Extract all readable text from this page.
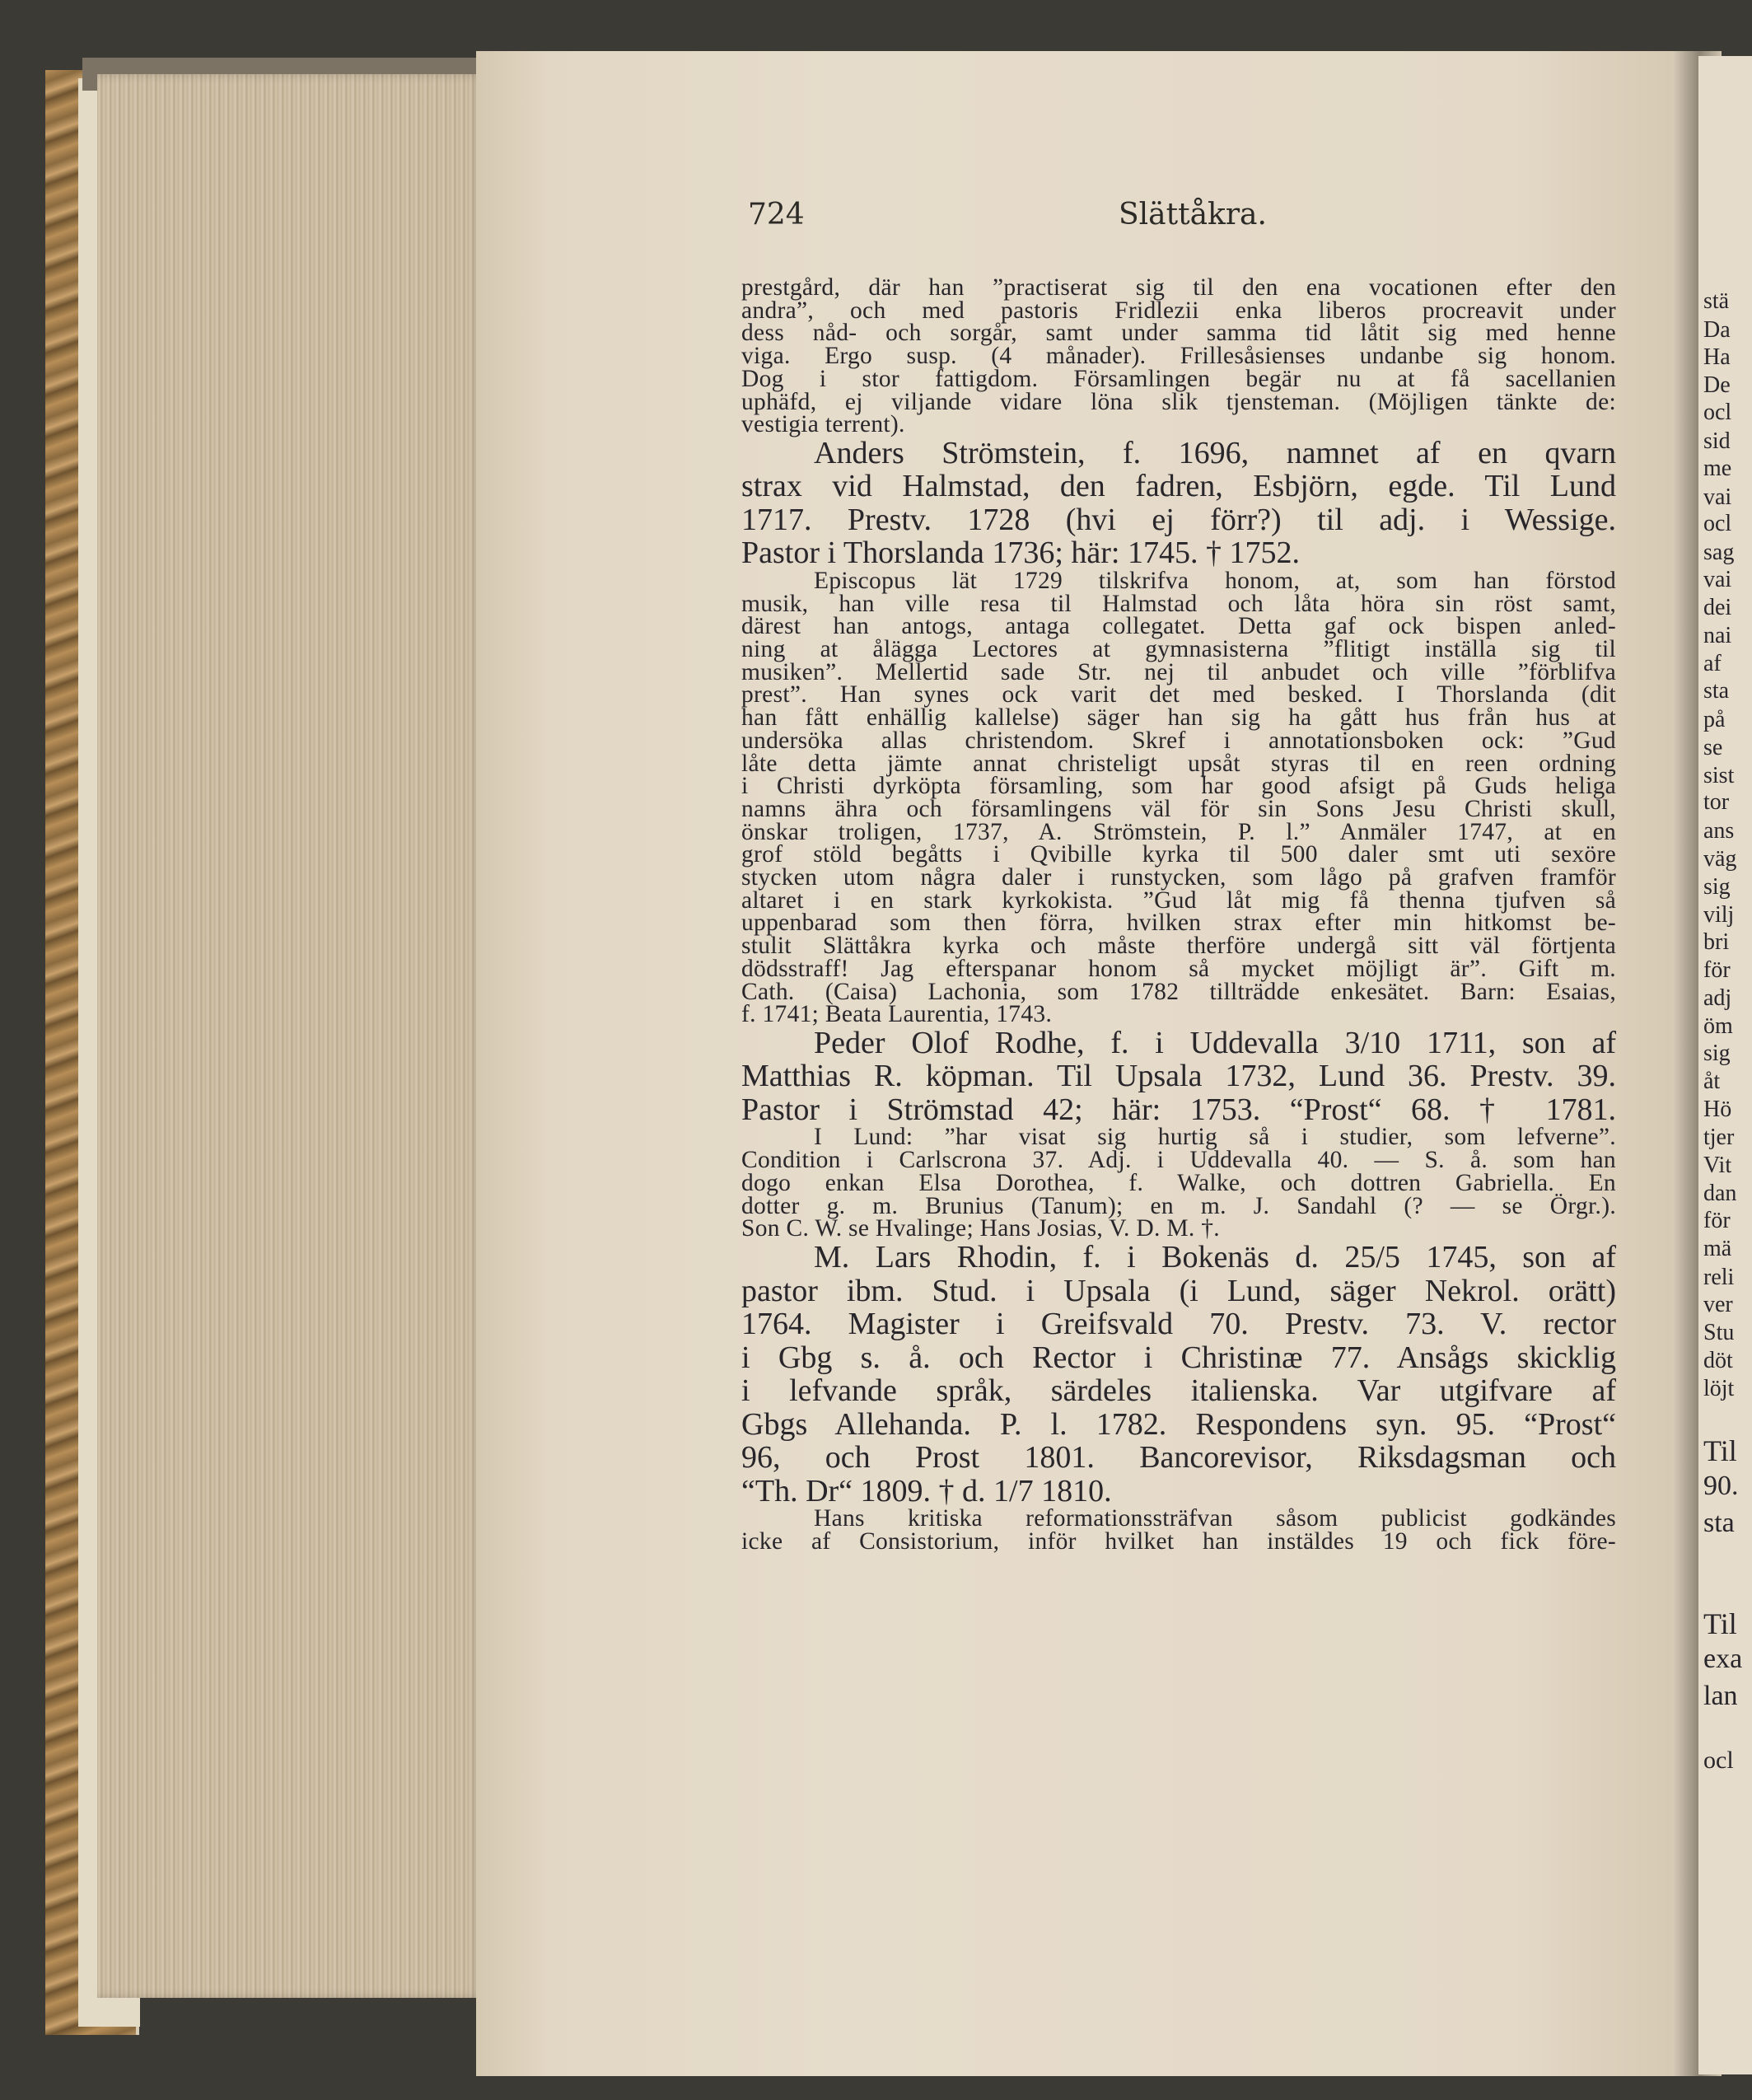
stä
Da
Ha
De
ocl
sid
me
vai
ocl
sag
vai
dei
nai
af
sta
på
se
sist
tor
ans
väg
sig
vilj
bri
för
adj
öm
sig
åt
Hö
tjer
Vit
dan
för
mä
reli
ver
Stu
döt
löjt
Til
90.
sta
Til
exa
lan
ocl
724	Slättåkra.
prestgård, där han ”practiserat sig til den ena vocationen efter den
andra”, och med pastoris Fridlezii enka liberos procreavit under
dess nåd- och sorgår, samt under samma tid låtit sig med henne
viga. Ergo susp. (4 månader). Frillesåsienses undanbe sig honom.
Dog i stor fattigdom. Församlingen begär nu at få sacellanien
uphäfd, ej viljande vidare löna slik tjensteman. (Möjligen tänkte de:
vestigia terrent).
Anders Strömstein, f. 1696, namnet af en qvarn
strax vid Halmstad, den fadren, Esbjörn, egde. Til Lund
1717. Prestv. 1728 (hvi ej förr?) til adj. i Wessige.
Pastor i Thorslanda 1736; här: 1745. † 1752.
Episcopus lät 1729 tilskrifva honom, at, som han förstod
musik, han ville resa til Halmstad och låta höra sin röst samt,
därest han antogs, antaga collegatet. Detta gaf ock bispen anled-
ning at ålägga Lectores at gymnasisterna ”flitigt inställa sig til
musiken”. Mellertid sade Str. nej til anbudet och ville ”förblifva
prest”. Han synes ock varit det med besked. I Thorslanda (dit
han fått enhällig kallelse) säger han sig ha gått hus från hus at
undersöka allas christendom. Skref i annotationsboken ock: ”Gud
låte detta jämte annat christeligt upsåt styras til en reen ordning
i Christi dyrköpta församling, som har good afsigt på Guds heliga
namns ähra och församlingens väl för sin Sons Jesu Christi skull,
önskar troligen, 1737, A. Strömstein, P. l.” Anmäler 1747, at en
grof stöld begåtts i Qvibille kyrka til 500 daler smt uti sexöre
stycken utom några daler i runstycken, som lågo på grafven framför
altaret i en stark kyrkokista. ”Gud låt mig få thenna tjufven så
uppenbarad som then förra, hvilken strax efter min hitkomst be-
stulit Slättåkra kyrka och måste therföre undergå sitt väl förtjenta
dödsstraff! Jag efterspanar honom så mycket möjligt är”. Gift m.
Cath. (Caisa) Lachonia, som 1782 tillträdde enkesätet. Barn: Esaias,
f. 1741; Beata Laurentia, 1743.
Peder Olof Rodhe, f. i Uddevalla 3/10 1711, son af
Matthias R. köpman. Til Upsala 1732, Lund 36. Prestv. 39.
Pastor i Strömstad 42; här: 1753. “Prost“ 68. † 1781.
I Lund: ”har visat sig hurtig så i studier, som lefverne”.
Condition i Carlscrona 37. Adj. i Uddevalla 40. — S. å. som han
dogo enkan Elsa Dorothea, f. Walke, och dottren Gabriella. En
dotter g. m. Brunius (Tanum); en m. J. Sandahl (? — se Örgr.).
Son C. W. se Hvalinge; Hans Josias, V. D. M. †.
M. Lars Rhodin, f. i Bokenäs d. 25/5 1745, son af
pastor ibm. Stud. i Upsala (i Lund, säger Nekrol. orätt)
1764. Magister i Greifsvald 70. Prestv. 73. V. rector
i Gbg s. å. och Rector i Christinæ 77. Ansågs skicklig
i lefvande språk, särdeles italienska. Var utgifvare af
Gbgs Allehanda. P. l. 1782. Respondens syn. 95. “Prost“
96, och Prost 1801. Bancorevisor, Riksdagsman och
“Th. Dr“ 1809. † d. 1/7 1810.
Hans kritiska reformationssträfvan såsom publicist godkändes
icke af Consistorium, inför hvilket han instäldes 19 och fick före-
